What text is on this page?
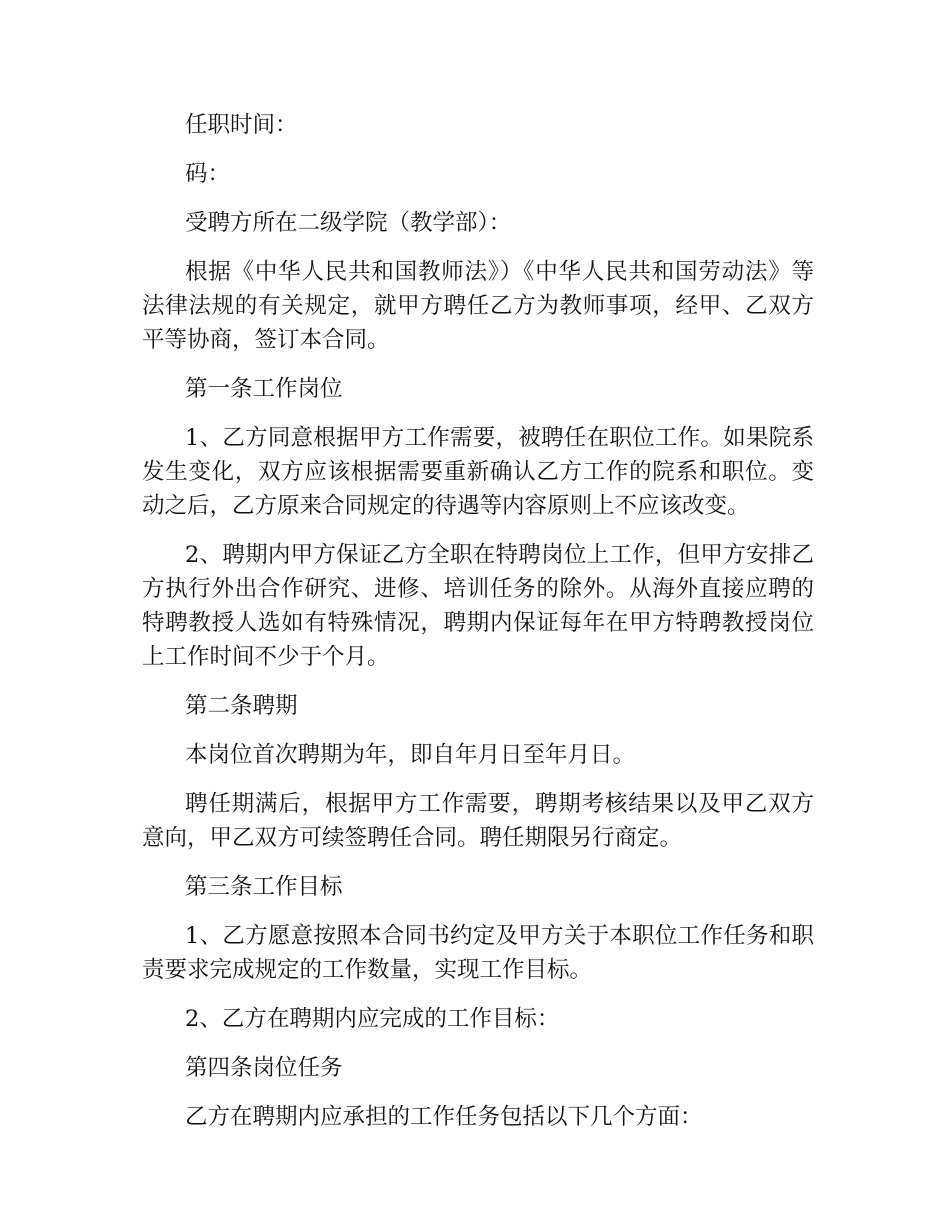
任职时间：

码：

受聘方所在二级学院（教学部）：

根据《中华人民共和国教师法》）《中华人民共和国劳动法》等法律法规的有关规定，就甲方聘任乙方为教师事项，经甲、乙双方平等协商，签订本合同。

第一条工作岗位

1、乙方同意根据甲方工作需要，被聘任在职位工作。如果院系发生变化，双方应该根据需要重新确认乙方工作的院系和职位。变动之后，乙方原来合同规定的待遇等内容原则上不应该改变。

2、聘期内甲方保证乙方全职在特聘岗位上工作，但甲方安排乙方执行外出合作研究、进修、培训任务的除外。从海外直接应聘的特聘教授人选如有特殊情况，聘期内保证每年在甲方特聘教授岗位上工作时间不少于个月。

第二条聘期

本岗位首次聘期为年，即自年月日至年月日。

聘任期满后，根据甲方工作需要，聘期考核结果以及甲乙双方意向，甲乙双方可续签聘任合同。聘任期限另行商定。

第三条工作目标

1、乙方愿意按照本合同书约定及甲方关于本职位工作任务和职责要求完成规定的工作数量，实现工作目标。

2、乙方在聘期内应完成的工作目标：

第四条岗位任务

乙方在聘期内应承担的工作任务包括以下几个方面：
